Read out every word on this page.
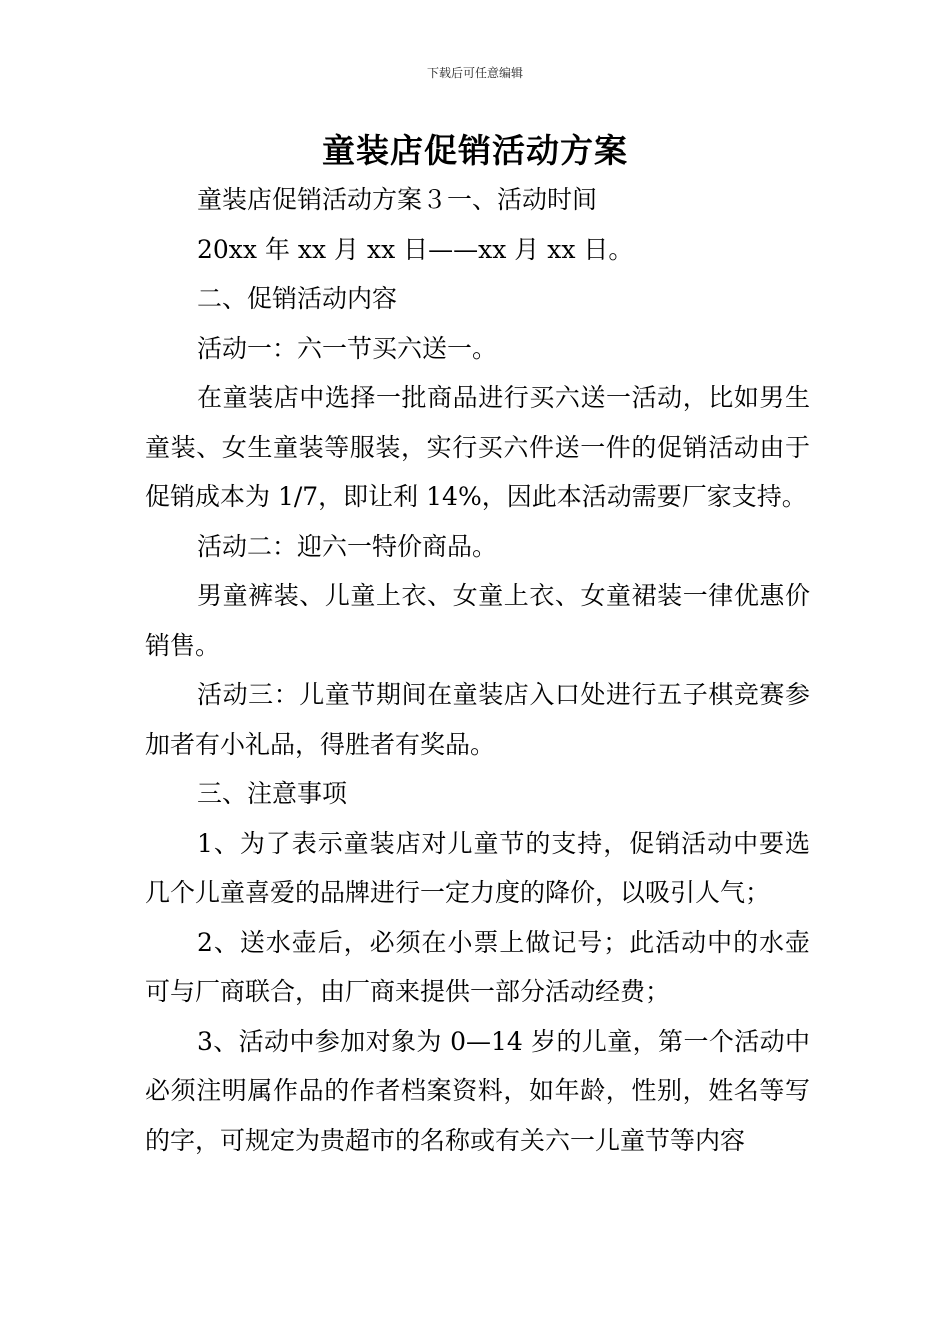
下载后可任意编辑
童装店促销活动方案

童装店促销活动方案３一、活动时间

20xx 年 xx 月 xx 日——xx 月 xx 日。

二、促销活动内容

活动一：六一节买六送一。

在童装店中选择一批商品进行买六送一活动，比如男生童装、女生童装等服装，实行买六件送一件的促销活动由于促销成本为 1/7，即让利 14%，因此本活动需要厂家支持。

活动二：迎六一特价商品。

男童裤装、儿童上衣、女童上衣、女童裙装一律优惠价销售。

活动三：儿童节期间在童装店入口处进行五子棋竞赛参加者有小礼品，得胜者有奖品。

三、注意事项

1、为了表示童装店对儿童节的支持，促销活动中要选几个儿童喜爱的品牌进行一定力度的降价，以吸引人气；

2、送水壶后，必须在小票上做记号；此活动中的水壶可与厂商联合，由厂商来提供一部分活动经费；

3、活动中参加对象为 0—14 岁的儿童，第一个活动中必须注明属作品的作者档案资料，如年龄，性别，姓名等写的字，可规定为贵超市的名称或有关六一儿童节等内容
